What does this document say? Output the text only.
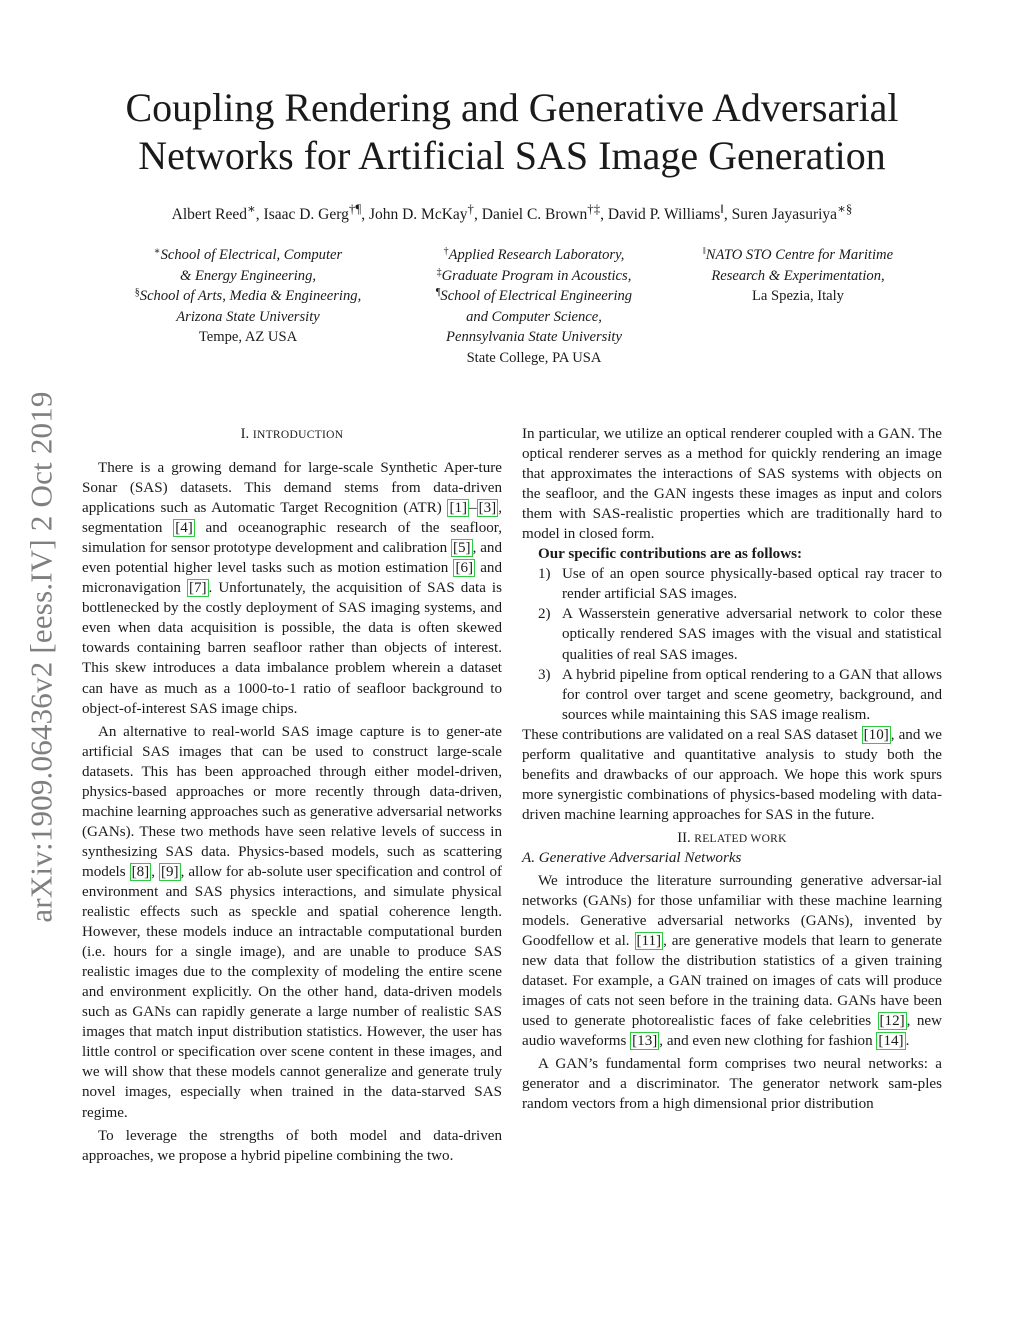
arXiv:1909.06436v2 [eess.IV] 2 Oct 2019
Coupling Rendering and Generative Adversarial
Networks for Artificial SAS Image Generation
Albert Reed∗, Isaac D. Gerg†¶, John D. McKay†, Daniel C. Brown†‡, David P. Williams‖, Suren Jayasuriya∗§
∗School of Electrical, Computer
& Energy Engineering,
§School of Arts, Media & Engineering,
Arizona State University
Tempe, AZ USA
†Applied Research Laboratory,
‡Graduate Program in Acoustics,
¶School of Electrical Engineering
and Computer Science,
Pennsylvania State University
State College, PA USA
‖NATO STO Centre for Maritime
Research & Experimentation,
La Spezia, Italy
I. INTRODUCTION

There is a growing demand for large-scale Synthetic Aper-ture Sonar (SAS) datasets. This demand stems from data-driven applications such as Automatic Target Recognition (ATR) [1] – [3] , segmentation [4] and oceanographic research of the seafloor, simulation for sensor prototype development and calibration [5] , and even potential higher level tasks such as motion estimation [6] and micronavigation [7] . Unfortunately, the acquisition of SAS data is bottlenecked by the costly deployment of SAS imaging systems, and even when data acquisition is possible, the data is often skewed towards containing barren seafloor rather than objects of interest. This skew introduces a data imbalance problem wherein a dataset can have as much as a 1000-to-1 ratio of seafloor background to object-of-interest SAS image chips.

An alternative to real-world SAS image capture is to gener-ate artificial SAS images that can be used to construct large-scale datasets. This has been approached through either model-driven, physics-based approaches or more recently through data-driven, machine learning approaches such as generative adversarial networks (GANs). These two methods have seen relative levels of success in synthesizing SAS data. Physics-based models, such as scattering models [8] , [9] , allow for ab-solute user specification and control of environment and SAS physics interactions, and simulate physical realistic effects such as speckle and spatial coherence length. However, these models induce an intractable computational burden (i.e. hours for a single image), and are unable to produce SAS realistic images due to the complexity of modeling the entire scene and environment explicitly. On the other hand, data-driven models such as GANs can rapidly generate a large number of realistic SAS images that match input distribution statistics. However, the user has little control or specification over scene content in these images, and we will show that these models cannot generalize and generate truly novel images, especially when trained in the data-starved SAS regime.

To leverage the strengths of both model and data-driven approaches, we propose a hybrid pipeline combining the two.

In particular, we utilize an optical renderer coupled with a GAN. The optical renderer serves as a method for quickly rendering an image that approximates the interactions of SAS systems with objects on the seafloor, and the GAN ingests these images as input and colors them with SAS-realistic properties which are traditionally hard to model in closed form.

Our specific contributions are as follows:

1) Use of an open source physically-based optical ray tracer to render artificial SAS images.
2) A Wasserstein generative adversarial network to color these optically rendered SAS images with the visual and statistical qualities of real SAS images.
3) A hybrid pipeline from optical rendering to a GAN that allows for control over target and scene geometry, background, and sources while maintaining this SAS image realism.

These contributions are validated on a real SAS dataset [10] , and we perform qualitative and quantitative analysis to study both the benefits and drawbacks of our approach. We hope this work spurs more synergistic combinations of physics-based modeling with data-driven machine learning approaches for SAS in the future.

II. RELATED WORK
A. Generative Adversarial Networks

We introduce the literature surrounding generative adversar-ial networks (GANs) for those unfamiliar with these machine learning models. Generative adversarial networks (GANs), invented by Goodfellow et al. [11] , are generative models that learn to generate new data that follow the distribution statistics of a given training dataset. For example, a GAN trained on images of cats will produce images of cats not seen before in the training data. GANs have been used to generate photorealistic faces of fake celebrities [12] , new audio waveforms [13] , and even new clothing for fashion [14] .

A GAN’s fundamental form comprises two neural networks: a generator and a discriminator. The generator network sam-ples random vectors from a high dimensional prior distribution
